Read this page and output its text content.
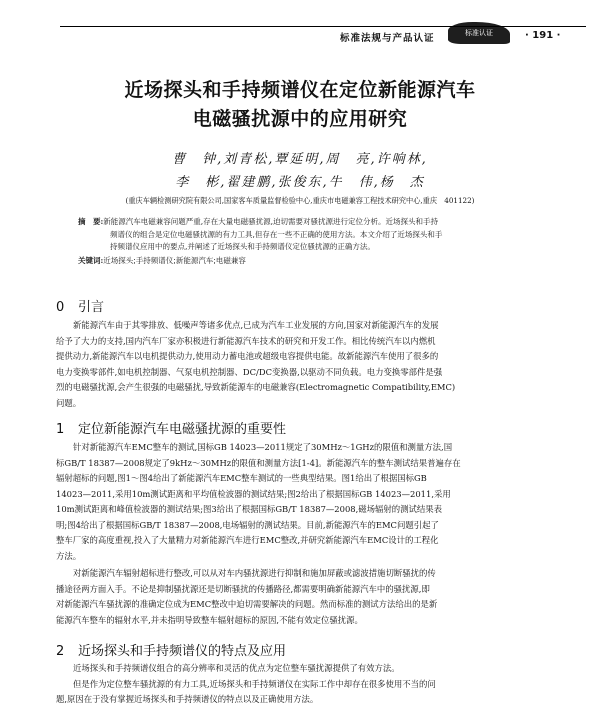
标准法规与产品认证	标准认证	· 191 ·
近场探头和手持频谱仪在定位新能源汽车
电磁骚扰源中的应用研究
曹　钟,刘青松,覃延明,周　亮,许响林,
李　彬,翟建鹏,张俊东,牛　伟,杨　杰
(重庆车辆检测研究院有限公司,国家客车质量监督检验中心,重庆市电磁兼容工程技术研究中心,重庆　401122)
摘　要:新能源汽车电磁兼容问题严重,存在大量电磁骚扰源,迫切需要对骚扰源进行定位分析。近场探头和手持
频谱仪的组合是定位电磁骚扰源的有力工具,但存在一些不正确的使用方法。本文介绍了近场探头和手
持频谱仪应用中的要点,并阐述了近场探头和手持频谱仪定位骚扰源的正确方法。
关键词:近场探头;手持频谱仪;新能源汽车;电磁兼容
0 引言
新能源汽车由于其零排放、低噪声等诸多优点,已成为汽车工业发展的方向,国家对新能源汽车的发展
给予了大力的支持,国内汽车厂家亦积极进行新能源汽车技术的研究和开发工作。相比传统汽车以内燃机
提供动力,新能源汽车以电机提供动力,使用动力蓄电池或超级电容提供电能。故新能源汽车使用了很多的
电力变换零部件,如电机控制器、气泵电机控制器、DC/DC变换器,以驱动不同负载。电力变换零部件是强
烈的电磁骚扰源,会产生很强的电磁骚扰,导致新能源车的电磁兼容(Electromagnetic Compatibility,EMC)
问题。
1 定位新能源汽车电磁骚扰源的重要性
针对新能源汽车EMC整车的测试,国标GB 14023—2011规定了30MHz～1GHz的限值和测量方法,国
标GB/T 18387—2008规定了9kHz～30MHz的限值和测量方法[1-4]。新能源汽车的整车测试结果普遍存在
辐射超标的问题,图1～图4给出了新能源汽车EMC整车测试的一些典型结果。图1给出了根据国标GB
14023—2011,采用10m测试距离和平均值检波器的测试结果;图2给出了根据国标GB 14023—2011,采用
10m测试距离和峰值检波器的测试结果;图3给出了根据国标GB/T 18387—2008,磁场辐射的测试结果表
明;图4给出了根据国标GB/T 18387—2008,电场辐射的测试结果。目前,新能源汽车的EMC问题引起了
整车厂家的高度重视,投入了大量精力对新能源汽车进行EMC整改,并研究新能源汽车EMC设计的工程化
方法。
对新能源汽车辐射超标进行整改,可以从对车内骚扰源进行抑制和施加屏蔽或滤波措施切断骚扰的传
播途径两方面入手。不论是抑制骚扰源还是切断骚扰的传播路径,都需要明确新能源汽车中的骚扰源,即
对新能源汽车骚扰源的准确定位成为EMC整改中迫切需要解决的问题。然而标准的测试方法给出的是新
能源汽车整车的辐射水平,并未指明导致整车辐射超标的原因,不能有效定位骚扰源。
2 近场探头和手持频谱仪的特点及应用
近场探头和手持频谱仪组合的高分辨率和灵活的优点为定位整车骚扰源提供了有效方法。
但是作为定位整车骚扰源的有力工具,近场探头和手持频谱仪在实际工作中却存在很多使用不当的问
题,原因在于没有掌握近场探头和手持频谱仪的特点以及正确使用方法。
